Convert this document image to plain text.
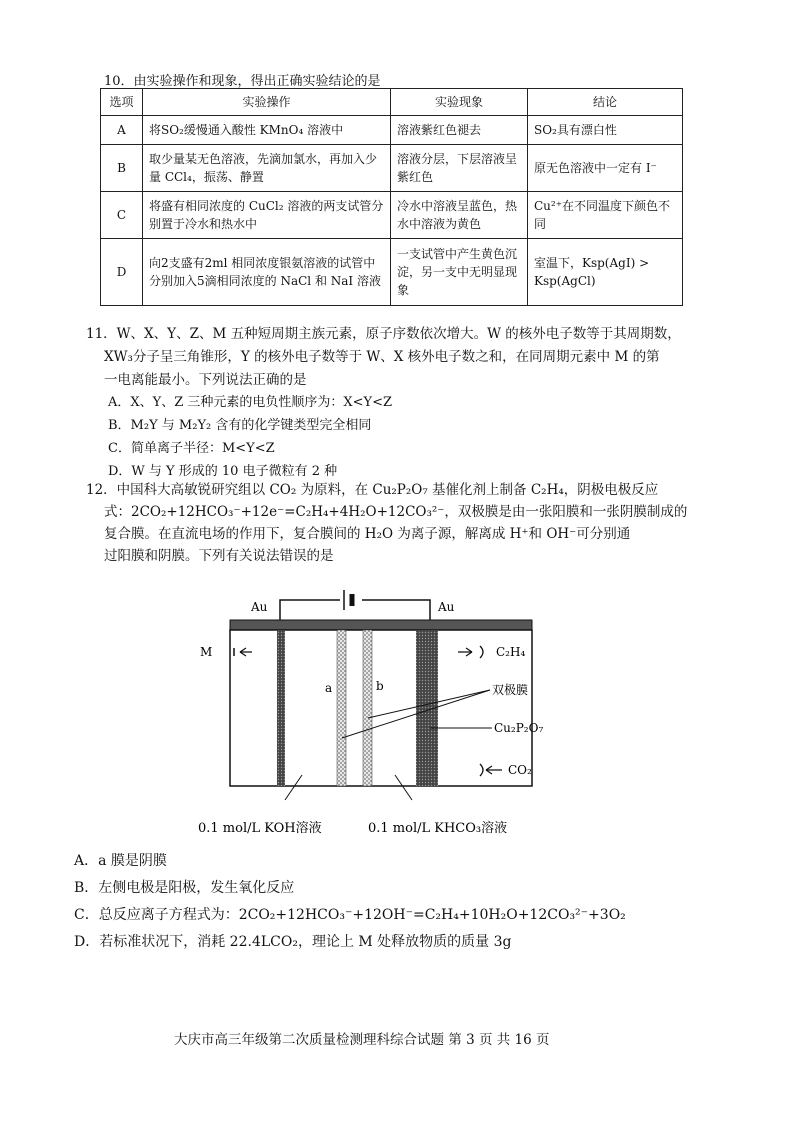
10．由实验操作和现象，得出正确实验结论的是
选项	实验操作	实验现象	结论
A	将SO₂缓慢通入酸性 KMnO₄ 溶液中	溶液紫红色褪去	SO₂具有漂白性
B	取少量某无色溶液，先滴加氯水，再加入少量 CCl₄，振荡、静置	溶液分层，下层溶液呈紫红色	原无色溶液中一定有 I⁻
C	将盛有相同浓度的 CuCl₂ 溶液的两支试管分别置于冷水和热水中	冷水中溶液呈蓝色，热水中溶液为黄色	Cu²⁺在不同温度下颜色不同
D	向2支盛有2ml 相同浓度银氨溶液的试管中分别加入5滴相同浓度的 NaCl 和 NaI 溶液	一支试管中产生黄色沉淀，另一支中无明显现象	室温下，Ksp(AgI) > Ksp(AgCl)
11．W、X、Y、Z、M 五种短周期主族元素，原子序数依次增大。W 的核外电子数等于其周期数，
XW₃分子呈三角锥形，Y 的核外电子数等于 W、X 核外电子数之和，在同周期元素中 M 的第
一电离能最小。下列说法正确的是
A．X、Y、Z 三种元素的电负性顺序为：X<Y<Z
B．M₂Y 与 M₂Y₂ 含有的化学键类型完全相同
C．简单离子半径：M<Y<Z
D．W 与 Y 形成的 10 电子微粒有 2 种
12．中国科大高敏锐研究组以 CO₂ 为原料，在 Cu₂P₂O₇ 基催化剂上制备 C₂H₄，阴极电极反应
式：2CO₂+12HCO₃⁻+12e⁻=C₂H₄+4H₂O+12CO₃²⁻，双极膜是由一张阳膜和一张阴膜制成的
复合膜。在直流电场的作用下，复合膜间的 H₂O 为离子源，解离成 H⁺和 OH⁻可分别通
过阳膜和阴膜。下列有关说法错误的是
Au	Au
M	C₂H₄
CO₂
a	b	双极膜
Cu₂P₂O₇
0.1 mol/L KOH溶液	0.1 mol/L KHCO₃溶液
A．a 膜是阴膜
B．左侧电极是阳极，发生氧化反应
C．总反应离子方程式为：2CO₂+12HCO₃⁻+12OH⁻=C₂H₄+10H₂O+12CO₃²⁻+3O₂
D．若标准状况下，消耗 22.4LCO₂，理论上 M 处释放物质的质量 3g
大庆市高三年级第二次质量检测理科综合试题 第 3 页 共 16 页
